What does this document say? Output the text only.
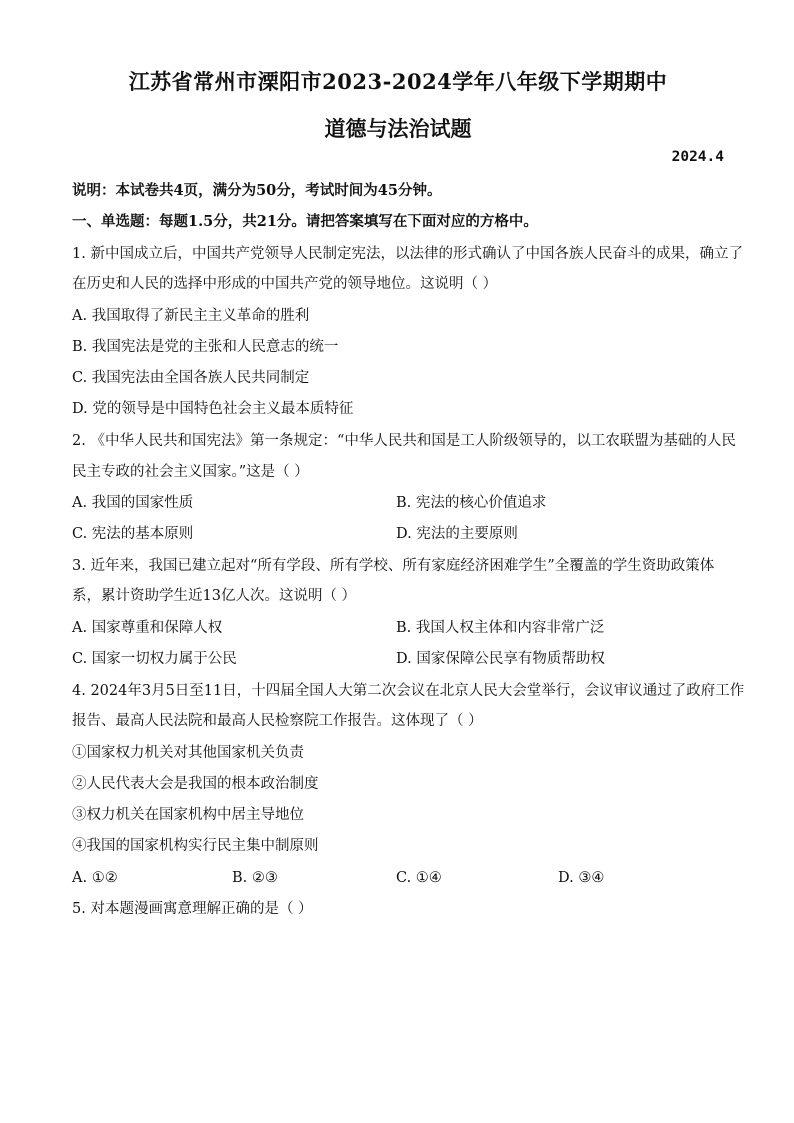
江苏省常州市溧阳市2023-2024学年八年级下学期期中
道德与法治试题
2024.4
说明：本试卷共4页，满分为50分，考试时间为45分钟。
一、单选题：每题1.5分，共21分。请把答案填写在下面对应的方格中。
1. 新中国成立后，中国共产党领导人民制定宪法，以法律的形式确认了中国各族人民奋斗的成果，确立了
在历史和人民的选择中形成的中国共产党的领导地位。这说明（ ）
A. 我国取得了新民主主义革命的胜利
B. 我国宪法是党的主张和人民意志的统一
C. 我国宪法由全国各族人民共同制定
D. 党的领导是中国特色社会主义最本质特征
2. 《中华人民共和国宪法》第一条规定：“中华人民共和国是工人阶级领导的，以工农联盟为基础的人民
民主专政的社会主义国家。”这是（ ）
A. 我国的国家性质	B. 宪法的核心价值追求
C. 宪法的基本原则	D. 宪法的主要原则
3. 近年来，我国已建立起对“所有学段、所有学校、所有家庭经济困难学生”全覆盖的学生资助政策体
系，累计资助学生近13亿人次。这说明（ ）
A. 国家尊重和保障人权	B. 我国人权主体和内容非常广泛
C. 国家一切权力属于公民	D. 国家保障公民享有物质帮助权
4. 2024年3月5日至11日，十四届全国人大第二次会议在北京人民大会堂举行，会议审议通过了政府工作
报告、最高人民法院和最高人民检察院工作报告。这体现了（ ）
①国家权力机关对其他国家机关负责
②人民代表大会是我国的根本政治制度
③权力机关在国家机构中居主导地位
④我国的国家机构实行民主集中制原则
A. ①②	B. ②③	C. ①④	D. ③④
5. 对本题漫画寓意理解正确的是（ ）
